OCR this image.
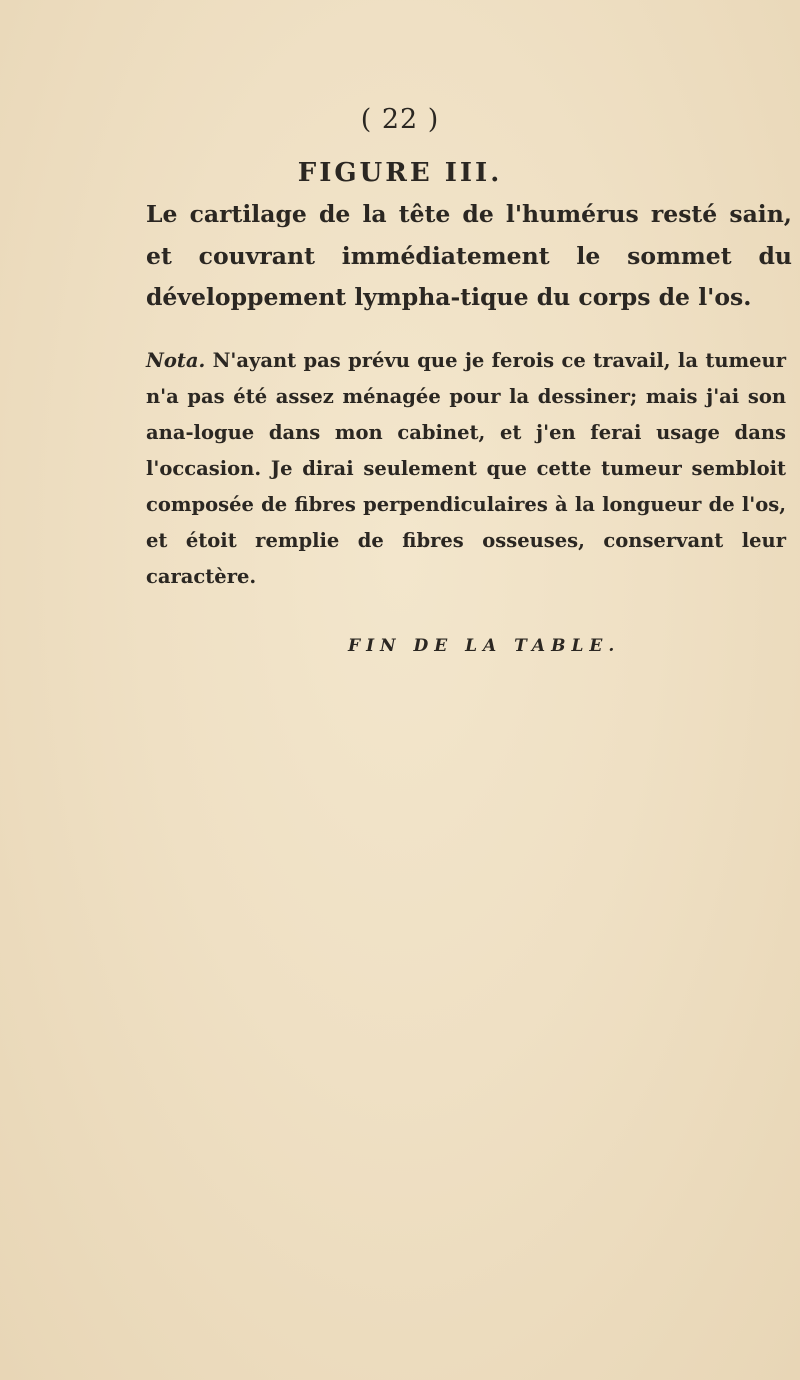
( 22 )
FIGURE III.

Le cartilage de la tête de l'humérus resté sain, et couvrant immédiatement le sommet du développement lympha-tique du corps de l'os.

Nota. N'ayant pas prévu que je ferois ce travail, la tumeur n'a pas été assez ménagée pour la dessiner; mais j'ai son ana-logue dans mon cabinet, et j'en ferai usage dans l'occasion. Je dirai seulement que cette tumeur sembloit composée de fibres perpendiculaires à la longueur de l'os, et étoit remplie de fibres osseuses, conservant leur caractère.

FIN DE LA TABLE.
